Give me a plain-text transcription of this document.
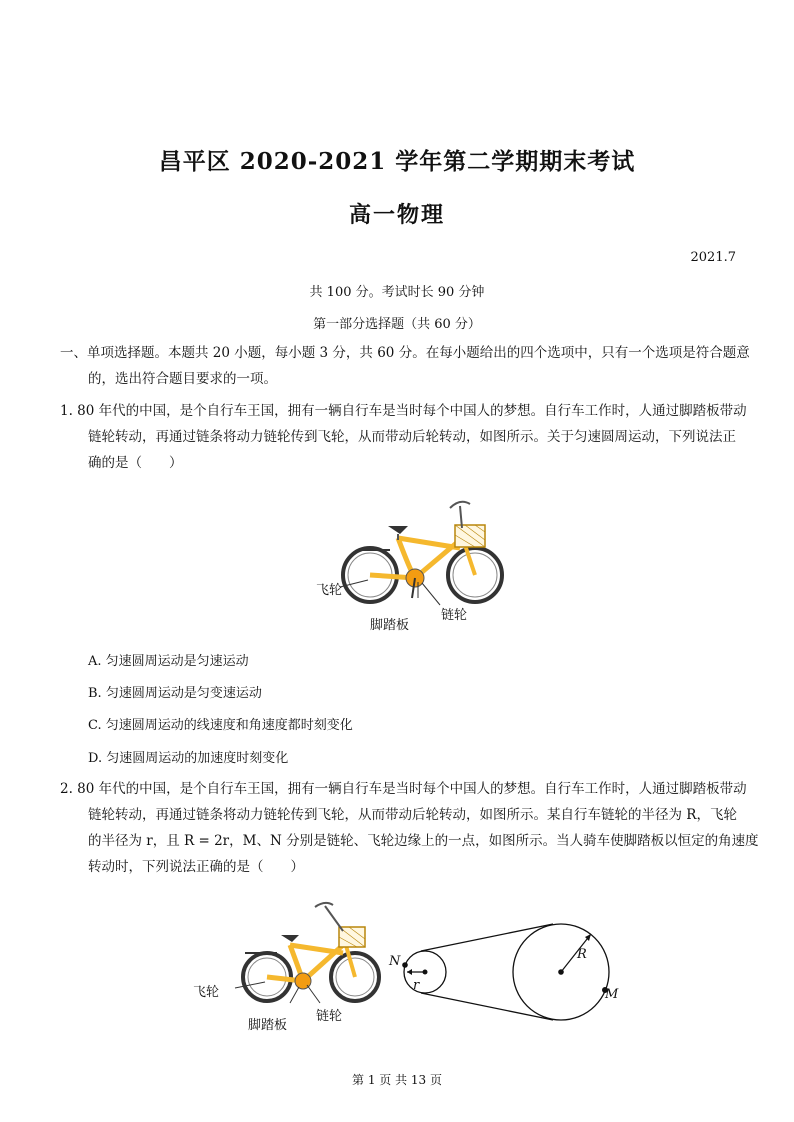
昌平区 2020-2021 学年第二学期期末考试
高一物理
2021.7
共 100 分。考试时长 90 分钟
第一部分选择题（共 60 分）
一、单项选择题。本题共 20 小题，每小题 3 分，共 60 分。在每小题给出的四个选项中，只有一个选项是符合题意
的，选出符合题目要求的一项。
1. 80 年代的中国，是个自行车王国，拥有一辆自行车是当时每个中国人的梦想。自行车工作时，人通过脚踏板带动
链轮转动，再通过链条将动力链轮传到飞轮，从而带动后轮转动，如图所示。关于匀速圆周运动，下列说法正
确的是（　　）
飞轮
链轮
脚踏板
A. 匀速圆周运动是匀速运动
B. 匀速圆周运动是匀变速运动
C. 匀速圆周运动的线速度和角速度都时刻变化
D. 匀速圆周运动的加速度时刻变化
2. 80 年代的中国，是个自行车王国，拥有一辆自行车是当时每个中国人的梦想。自行车工作时，人通过脚踏板带动
链轮转动，再通过链条将动力链轮传到飞轮，从而带动后轮转动，如图所示。某自行车链轮的半径为 R，飞轮
的半径为 r，且 R = 2r，M、N 分别是链轮、飞轮边缘上的一点，如图所示。当人骑车使脚踏板以恒定的角速度
转动时，下列说法正确的是（　　）
飞轮
脚踏板
链轮
N
r
R
M
第 1 页 共 13 页
